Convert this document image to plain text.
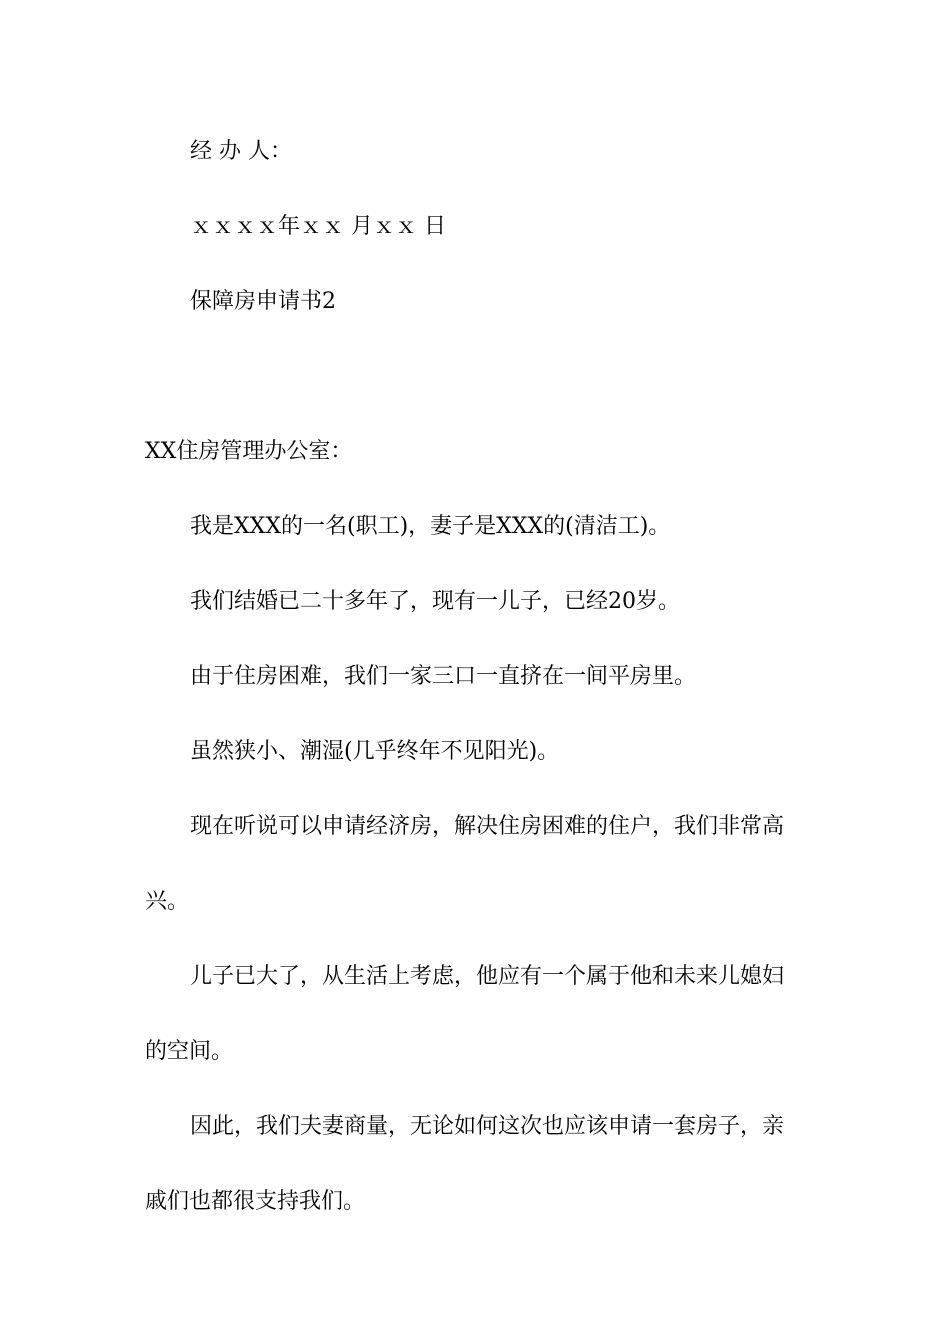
经 办 人：
ｘｘｘｘ年ｘｘ 月ｘｘ 日
保障房申请书2
XX住房管理办公室：
我是XXX的一名(职工)，妻子是XXX的(清洁工)。
我们结婚已二十多年了，现有一儿子，已经20岁。
由于住房困难，我们一家三口一直挤在一间平房里。
虽然狭小、潮湿(几乎终年不见阳光)。
现在听说可以申请经济房，解决住房困难的住户，我们非常高
兴。
儿子已大了，从生活上考虑，他应有一个属于他和未来儿媳妇
的空间。
因此，我们夫妻商量，无论如何这次也应该申请一套房子，亲
戚们也都很支持我们。
